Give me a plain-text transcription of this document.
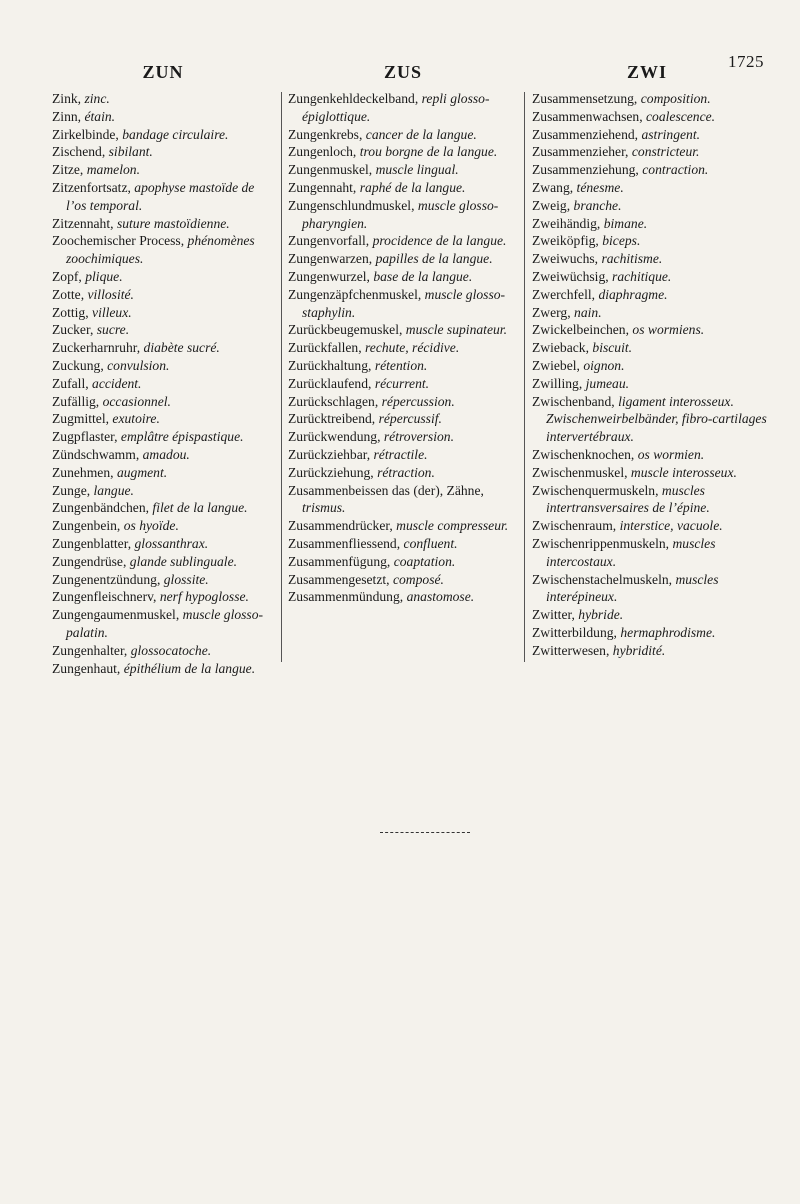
1725
ZUN	ZUS	ZWI
Zink, zinc.
Zinn, étain.
Zirkelbinde, bandage circulaire.
Zischend, sibilant.
Zitze, mamelon.
Zitzenfortsatz, apophyse mastoïde de l’os temporal.
Zitzennaht, suture mastoïdienne.
Zoochemischer Process, phénomènes zoochimiques.
Zopf, plique.
Zotte, villosité.
Zottig, villeux.
Zucker, sucre.
Zuckerharnruhr, diabète sucré.
Zuckung, convulsion.
Zufall, accident.
Zufällig, occasionnel.
Zugmittel, exutoire.
Zugpflaster, emplâtre épispastique.
Zündschwamm, amadou.
Zunehmen, augment.
Zunge, langue.
Zungenbändchen, filet de la langue.
Zungenbein, os hyoïde.
Zungenblatter, glossanthrax.
Zungendrüse, glande sublinguale.
Zungenentzündung, glossite.
Zungenfleischnerv, nerf hypoglosse.
Zungengaumenmuskel, muscle glosso-palatin.
Zungenhalter, glossocatoche.
Zungenhaut, épithélium de la langue.
Zungenkehldeckelband, repli glosso-épiglottique.
Zungenkrebs, cancer de la langue.
Zungenloch, trou borgne de la langue.
Zungenmuskel, muscle lingual.
Zungennaht, raphé de la langue.
Zungenschlundmuskel, muscle glosso-pharyngien.
Zungenvorfall, procidence de la langue.
Zungenwarzen, papilles de la langue.
Zungenwurzel, base de la langue.
Zungenzäpfchenmuskel, muscle glosso-staphylin.
Zurückbeugemuskel, muscle supinateur.
Zurückfallen, rechute, récidive.
Zurückhaltung, rétention.
Zurücklaufend, récurrent.
Zurückschlagen, répercussion.
Zurücktreibend, répercussif.
Zurückwendung, rétroversion.
Zurückziehbar, rétractile.
Zurückziehung, rétraction.
Zusammenbeissen das (der), Zähne, trismus.
Zusammendrücker, muscle compresseur.
Zusammenfliessend, confluent.
Zusammenfügung, coaptation.
Zusammengesetzt, composé.
Zusammenmündung, anastomose.
Zusammensetzung, composition.
Zusammenwachsen, coalescence.
Zusammenziehend, astringent.
Zusammenzieher, constricteur.
Zusammenziehung, contraction.
Zwang, ténesme.
Zweig, branche.
Zweihändig, bimane.
Zweiköpfig, biceps.
Zweiwuchs, rachitisme.
Zweiwüchsig, rachitique.
Zwerchfell, diaphragme.
Zwerg, nain.
Zwickelbeinchen, os wormiens.
Zwieback, biscuit.
Zwiebel, oignon.
Zwilling, jumeau.
Zwischenband, ligament interosseux. Zwischenweirbelbänder, fibro-cartilages intervertébraux.
Zwischenknochen, os wormien.
Zwischenmuskel, muscle interosseux.
Zwischenquermuskeln, muscles intertransversaires de l’épine.
Zwischenraum, interstice, vacuole.
Zwischenrippenmuskeln, muscles intercostaux.
Zwischenstachelmuskeln, muscles interépineux.
Zwitter, hybride.
Zwitterbildung, hermaphrodisme.
Zwitterwesen, hybridité.
